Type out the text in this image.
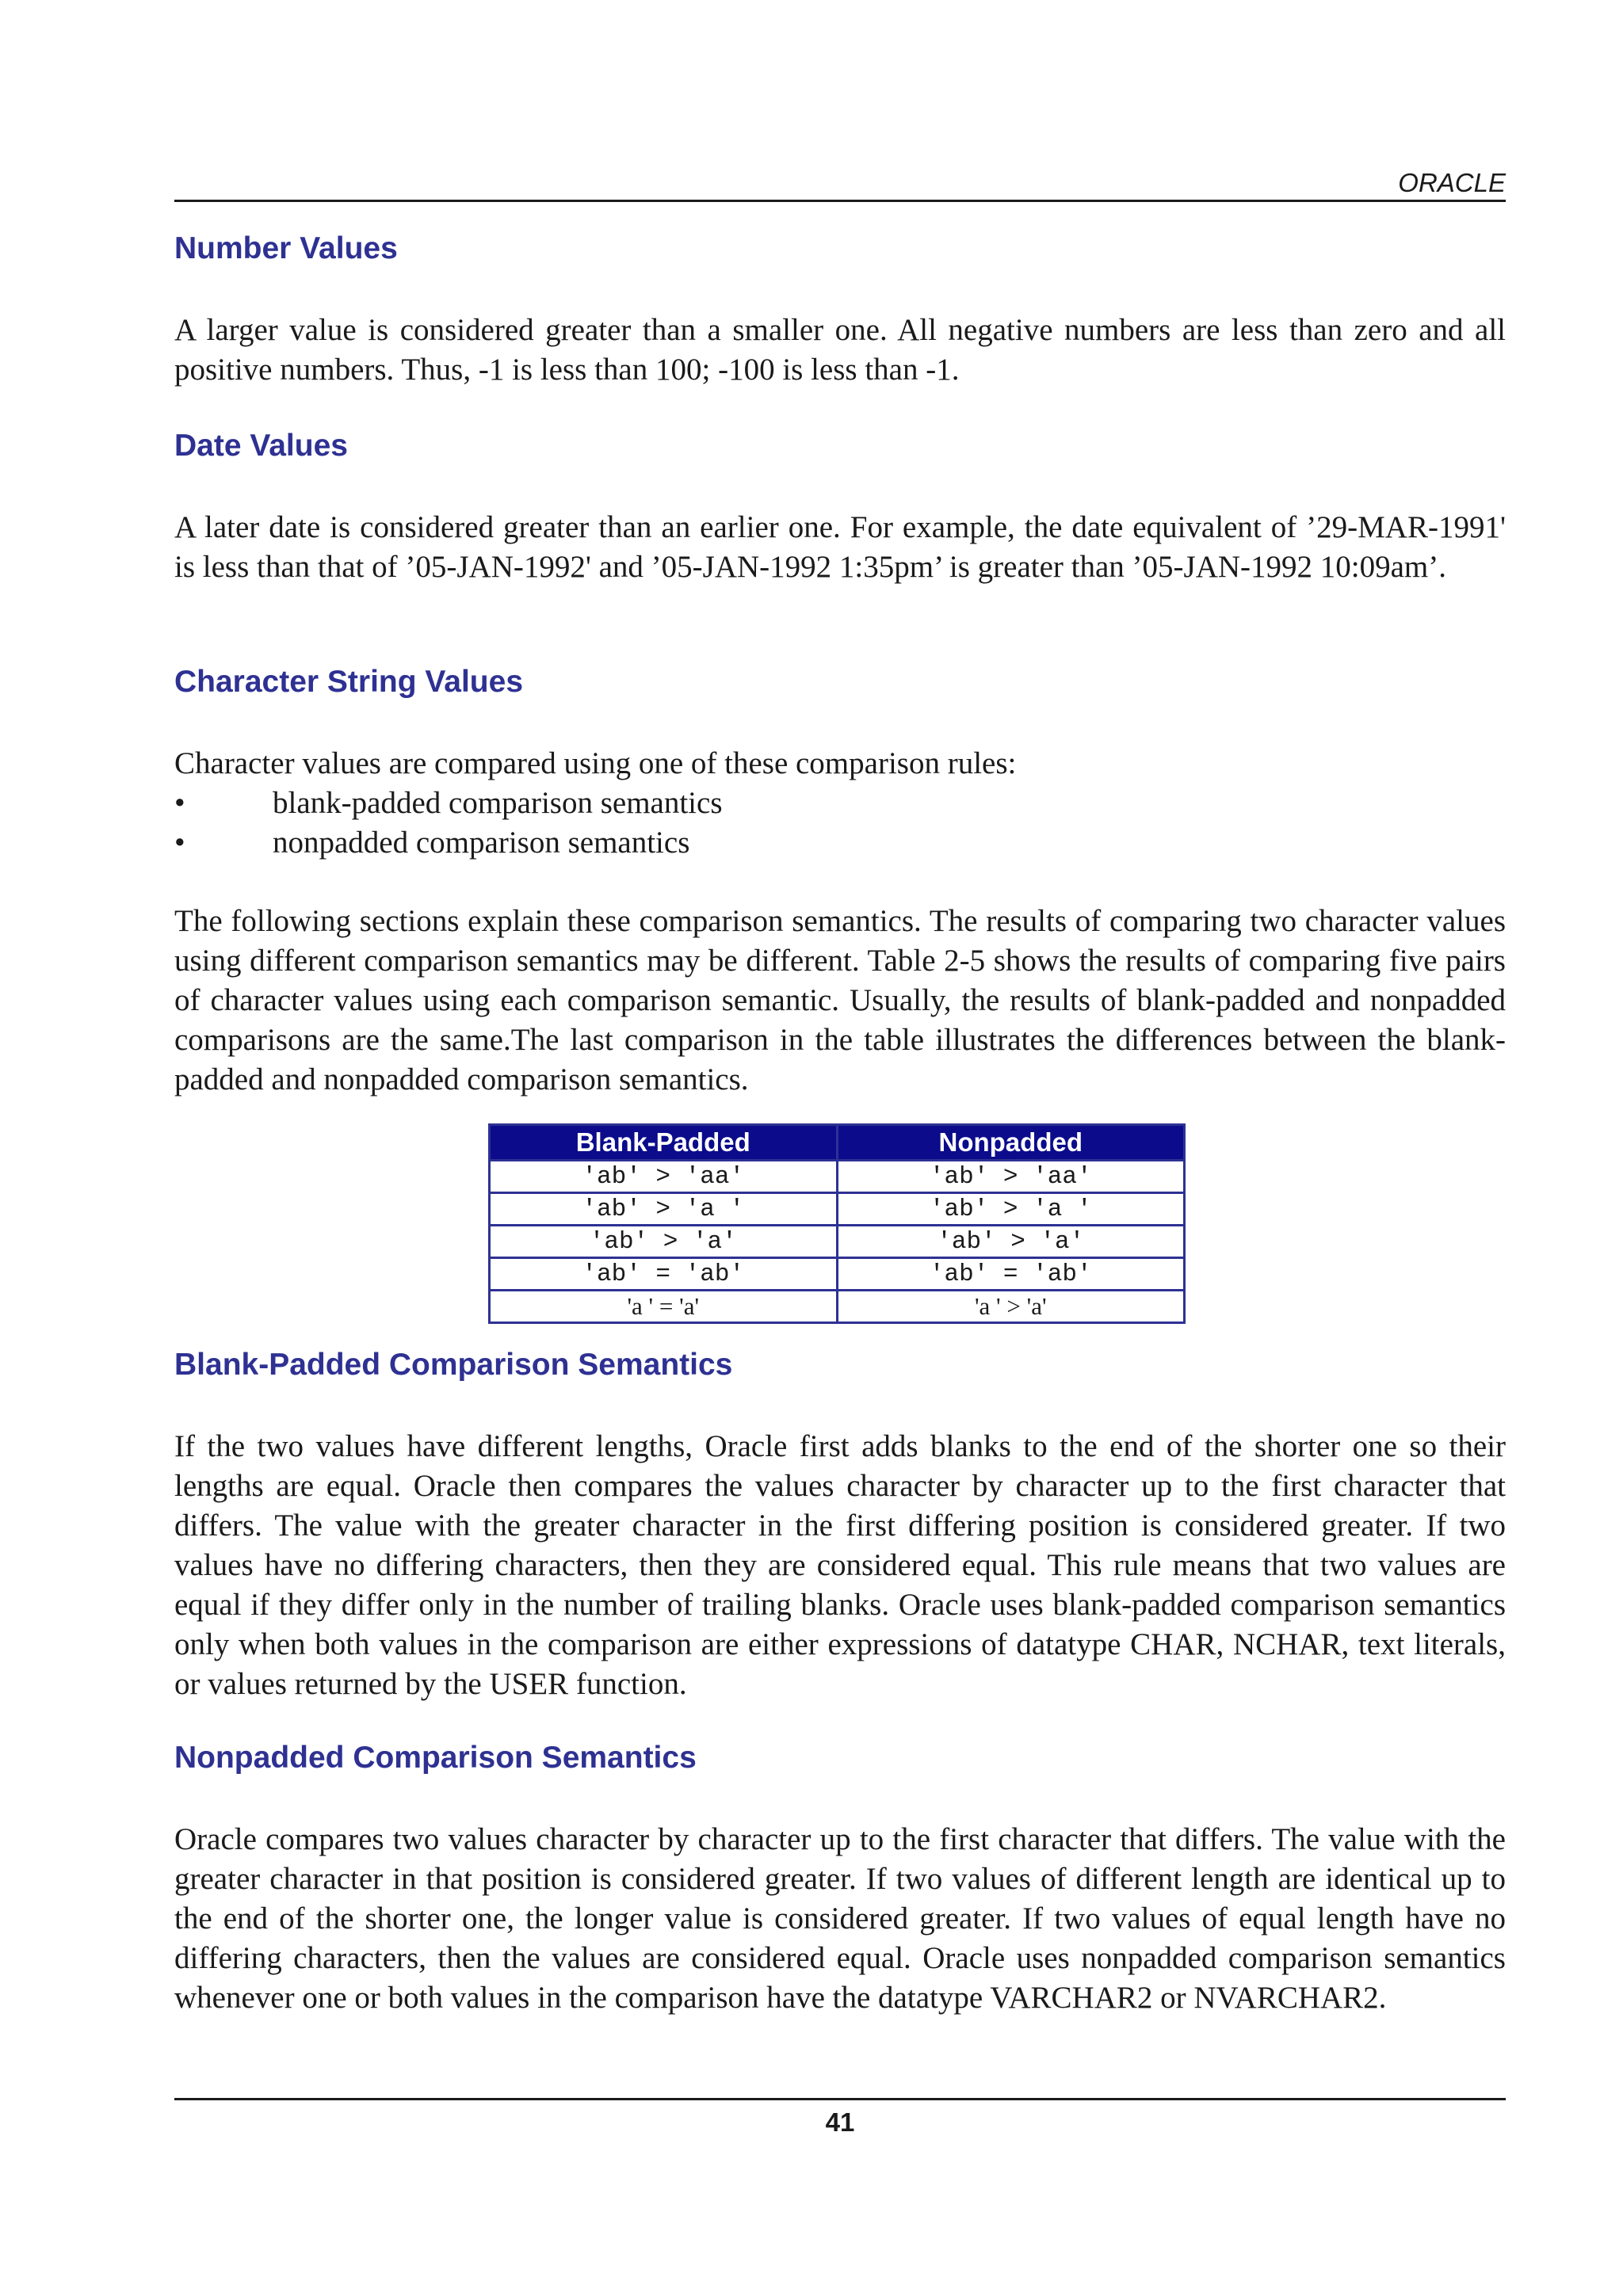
ORACLE
Number Values

A larger value is considered greater than a smaller one. All negative numbers are less than zero and all positive numbers. Thus, -1 is less than 100; -100 is less than -1.

Date Values

A later date is considered greater than an earlier one. For example, the date equivalent of ’29-MAR-1991' is less than that of ’05-JAN-1992' and ’05-JAN-1992 1:35pm’ is greater than ’05-JAN-1992 10:09am’.

Character String Values

Character values are compared using one of these comparison rules:

•	blank-padded comparison semantics
•	nonpadded comparison semantics

The following sections explain these comparison semantics. The results of comparing two character values using different comparison semantics may be different. Table 2-5 shows the results of comparing five pairs of character values using each comparison semantic. Usually, the results of blank-padded and nonpadded comparisons are the same.The last comparison in the table illustrates the differences between the blank-padded and nonpadded comparison semantics.

Blank-Padded	Nonpadded
'ab' > 'aa'	'ab' > 'aa'
'ab' > 'a '	'ab' > 'a '
'ab' > 'a'	'ab' > 'a'
'ab' = 'ab'	'ab' = 'ab'
'a ' = 'a'	'a ' > 'a'
Blank-Padded Comparison Semantics

If the two values have different lengths, Oracle first adds blanks to the end of the shorter one so their lengths are equal. Oracle then compares the values character by character up to the first character that differs. The value with the greater character in the first differing position is considered greater. If two values have no differing characters, then they are considered equal. This rule means that two values are equal if they differ only in the number of trailing blanks. Oracle uses blank-padded comparison semantics only when both values in the comparison are either expressions of datatype CHAR, NCHAR, text literals, or values returned by the USER function.

Nonpadded Comparison Semantics

Oracle compares two values character by character up to the first character that differs. The value with the greater character in that position is considered greater. If two values of different length are identical up to the end of the shorter one, the longer value is considered greater. If two values of equal length have no differing characters, then the values are considered equal. Oracle uses nonpadded comparison semantics whenever one or both values in the comparison have the datatype VARCHAR2 or NVARCHAR2.

41
